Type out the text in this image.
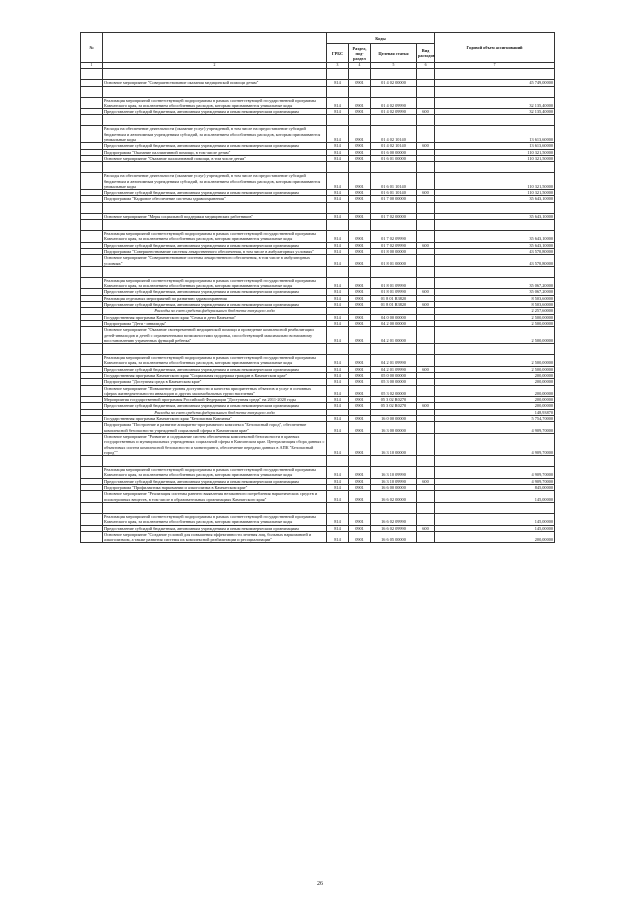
№		Коды				Годовой объем ассигнований
		ГРБС	Раздел, под-раздел	Целевая статья	Вид расходов	
1	2	3	4	5	6	7

	Основное мероприятие "Совершенствование оказания медицинской помощи детям"	814	0901	01 4 02 00000		45 749,00000

	Реализация мероприятий соответствующей подпрограммы в рамках соответствующей государственной программы Камчатского края, за исключением обособленных расходов, которым присваиваются уникальные коды	814	0901	01 4 02 09990		32 135,40000
	Предоставление субсидий бюджетным, автономным учреждениям и иным некоммерческим организациям	814	0901	01 4 02 09990	600	32 135,40000

	Расходы на обеспечение деятельности (оказание услуг) учреждений, в том числе на предоставление субсидий бюджетным и автономным учреждениям субсидий, за исключением обособленных расходов, которым присваиваются уникальные коды	814	0901	01 4 02 10140		13 613,60000
	Предоставление субсидий бюджетным, автономным учреждениям и иным некоммерческим организациям	814	0901	01 4 02 10140	600	13 613,60000
	Подпрограмма "Оказание паллиативной помощи, в том числе детям"	814	0901	01 6 00 00000		110 321,50000
	Основное мероприятие "Оказание паллиативной помощи, в том числе детям"	814	0901	01 6 01 00000		110 321,50000

	Расходы на обеспечение деятельности (оказание услуг) учреждений, в том числе на предоставление субсидий бюджетным и автономным учреждениям субсидий, за исключением обособленных расходов, которым присваиваются уникальные коды	814	0901	01 6 01 10140		110 321,50000
	Предоставление субсидий бюджетным, автономным учреждениям и иным некоммерческим организациям	814	0901	01 6 01 10140	600	110 321,50000
	Подпрограмма "Кадровое обеспечение системы здравоохранения"	814	0901	01 7 00 00000		35 643,10000

	Основное мероприятие "Меры социальной поддержки медицинских работников"	814	0901	01 7 02 00000		35 643,10000

	Реализация мероприятий соответствующей подпрограммы в рамках соответствующей государственной программы Камчатского края, за исключением обособленных расходов, которым присваиваются уникальные коды	814	0901	01 7 02 09990		35 643,10000
	Предоставление субсидий бюджетным, автономным учреждениям и иным некоммерческим организациям	814	0901	01 7 02 09990	600	35 643,10000
	Подпрограмма "Совершенствование системы лекарственного обеспечения, в том числе в амбулаторных условиях"	814	0901	01 8 00 00000		43 570,80000
	Основное мероприятие "Совершенствование системы лекарственного обеспечения, в том числе в амбулаторных условиях"	814	0901	01 8 01 00000		43 570,80000

	Реализация мероприятий соответствующей подпрограммы в рамках соответствующей государственной программы Камчатского края, за исключением обособленных расходов, которым присваиваются уникальные коды	814	0901	01 8 01 09990		35 067,20000
	Предоставление субсидий бюджетным, автономным учреждениям и иным некоммерческим организациям	814	0901	01 8 01 09990	600	35 067,20000
	Реализация отдельных мероприятий по развитию здравоохранения	814	0901	01 8 01 R3820		8 503,60000
	Предоставление субсидий бюджетным, автономным учреждениям и иным некоммерческим организациям	814	0901	01 8 01 R3820	600	8 503,60000
	Расходы за счет средств федерального бюджета текущего года					2 257,60000
	Государственная программа Камчатского края "Семья и дети Камчатки"	814	0901	04 0 00 00000		2 500,00000
	Подпрограмма "Дети - инвалиды"	814	0901	04 2 00 00000		2 500,00000
	Основное мероприятие "Оказание своевременной медицинской помощи и проведение комплексной реабилитации детей-инвалидов и детей с ограниченными возможностями здоровья, способствующей максимально возможному восстановлению утраченных функций ребенка"	814	0901	04 2 01 00000		2 500,00000

	Реализация мероприятий соответствующей подпрограммы в рамках соответствующей государственной программы Камчатского края, за исключением обособленных расходов, которым присваиваются уникальные коды	814	0901	04 2 01 09990		2 500,00000
	Предоставление субсидий бюджетным, автономным учреждениям и иным некоммерческим организациям	814	0901	04 2 01 09990	600	2 500,00000
	Государственная программа Камчатского края "Социальная поддержка граждан в Камчатском крае"	814	0901	05 0 00 00000		200,00000
	Подпрограмма "Доступная среда в Камчатском крае"	814	0901	05 3 00 00000		200,00000
	Основное мероприятие "Повышение уровня доступности и качества приоритетных объектов и услуг в основных сферах жизнедеятельности инвалидов и других маломобильных групп населения"	814	0901	05 3 02 00000		200,00000
	Мероприятия государственной программы Российской Федерации "Доступная среда" на 2011-2020 годы	814	0901	05 3 02 R0270		200,00000
	Предоставление субсидий бюджетным, автономным учреждениям и иным некоммерческим организациям	814	0901	05 3 02 R0270	600	200,00000
	Расходы за счет средств федерального бюджета текущего года					148,93870
	Государственная программа Камчатского края "Безопасная Камчатка"	814	0901	16 0 00 00000		5 754,70000
	Подпрограмма "Построение и развитие аппаратно-программного комплекса "Безопасный город", обеспечение комплексной безопасности учреждений социальной сферы в Камчатском крае"	814	0901	16 3 00 00000		4 909,70000
	Основное мероприятие "Развитие и содержание систем обеспечения комплексной безопасности в краевых государственных и муниципальных учреждениях социальной сферы в Камчатском крае. Централизация сбора данных с объектовых систем комплексной безопасности и мониторинга, обеспечение передачи данных в АПК "Безопасный город""	814	0901	16 3 10 00000		4 909,70000

	Реализация мероприятий соответствующей подпрограммы в рамках соответствующей государственной программы Камчатского края, за исключением обособленных расходов, которым присваиваются уникальные коды	814	0901	16 3 10 09990		4 909,70000
	Предоставление субсидий бюджетным, автономным учреждениям и иным некоммерческим организациям	814	0901	16 3 10 09990	600	4 909,70000
	Подпрограмма "Профилактика наркомании и алкоголизма в Камчатском крае"	814	0901	16 6 00 00000		845,00000
	Основное мероприятие "Реализация системы раннего выявления незаконного потребления наркотических средств и психотропных веществ, в том числе в образовательных организациях Камчатского края"	814	0901	16 6 02 00000		145,00000

	Реализация мероприятий соответствующей подпрограммы в рамках соответствующей государственной программы Камчатского края, за исключением обособленных расходов, которым присваиваются уникальные коды	814	0901	16 6 02 09990		145,00000
	Предоставление субсидий бюджетным, автономным учреждениям и иным некоммерческим организациям	814	0901	16 6 02 09990	600	145,00000
	Основное мероприятие "Создание условий для повышения эффективности лечения лиц, больных наркоманией и алкоголизмом, а также развития системы их комплексной реабилитации и ресоциализации"	814	0901	16 6 05 00000		200,00000
26
